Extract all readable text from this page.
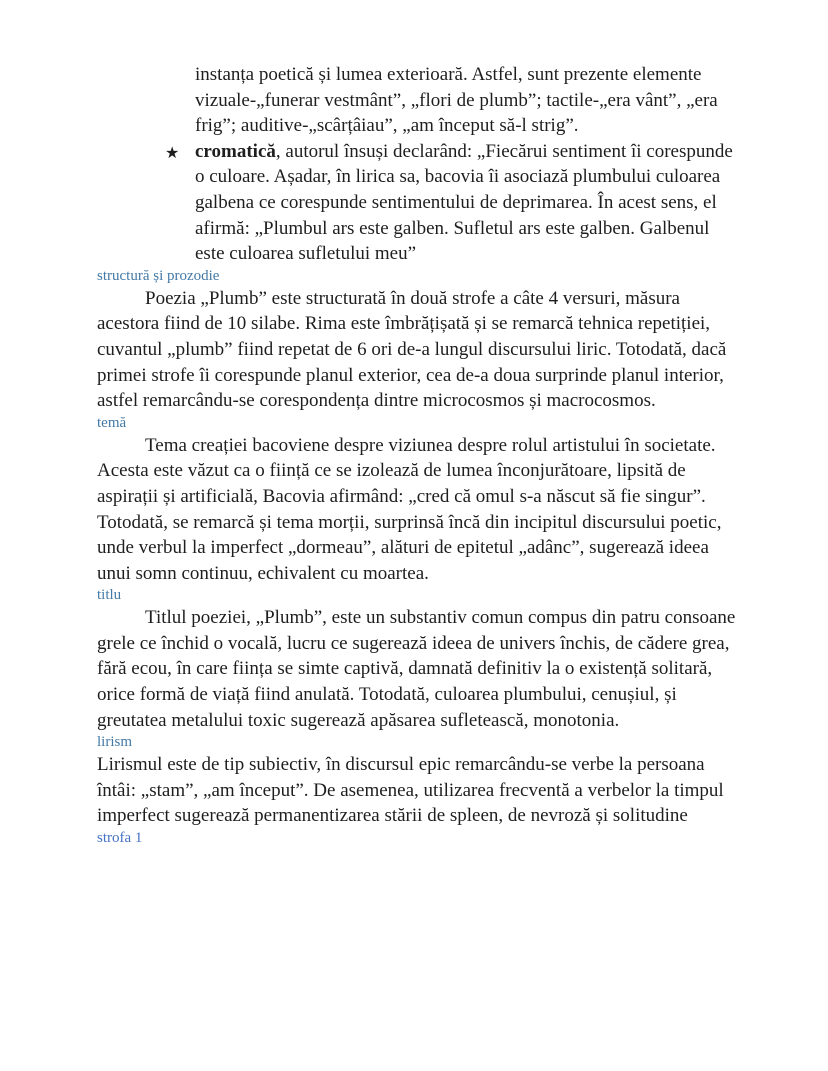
instanța poetică și lumea exterioară. Astfel, sunt prezente elemente vizuale-„funerar vestmânt”, „flori de plumb”; tactile-„era vânt”, „era frig”; auditive-„scârțâiau”, „am început să-l strig”.

★ cromatică, autorul însuși declarând: „Fiecărui sentiment îi corespunde o culoare. Așadar, în lirica sa, bacovia îi asociază plumbului culoarea galbena ce corespunde sentimentului de deprimarea. În acest sens, el afirmă: „Plumbul ars este galben. Sufletul ars este galben. Galbenul este culoarea sufletului meu”

structură și prozodie

Poezia „Plumb” este structurată în două strofe a câte 4 versuri, măsura acestora fiind de 10 silabe. Rima este îmbrățișată și se remarcă tehnica repetiției, cuvantul „plumb” fiind repetat de 6 ori de-a lungul discursului liric. Totodată, dacă primei strofe îi corespunde planul exterior, cea de-a doua surprinde planul interior, astfel remarcându-se corespondența dintre microcosmos și macrocosmos.

temă

Tema creației bacoviene despre viziunea despre rolul artistului în societate. Acesta este văzut ca o ființă ce se izolează de lumea înconjurătoare, lipsită de aspirații și artificială, Bacovia afirmând: „cred că omul s-a născut să fie singur”. Totodată, se remarcă și tema morții, surprinsă încă din incipitul discursului poetic, unde verbul la imperfect „dormeau”, alături de epitetul „adânc”, sugerează ideea unui somn continuu, echivalent cu moartea.

titlu

Titlul poeziei, „Plumb”, este un substantiv comun compus din patru consoane grele ce închid o vocală, lucru ce sugerează ideea de univers închis, de cădere grea, fără ecou, în care ființa se simte captivă, damnată definitiv la o existență solitară, orice formă de viață fiind anulată. Totodată, culoarea plumbului, cenușiul, și greutatea metalului toxic sugerează apăsarea sufletească, monotonia.

lirism

Lirismul este de tip subiectiv, în discursul epic remarcându-se verbe la persoana întâi: „stam”, „am început”. De asemenea, utilizarea frecventă a verbelor la timpul imperfect sugerează permanentizarea stării de spleen, de nevroză și solitudine

strofa 1
